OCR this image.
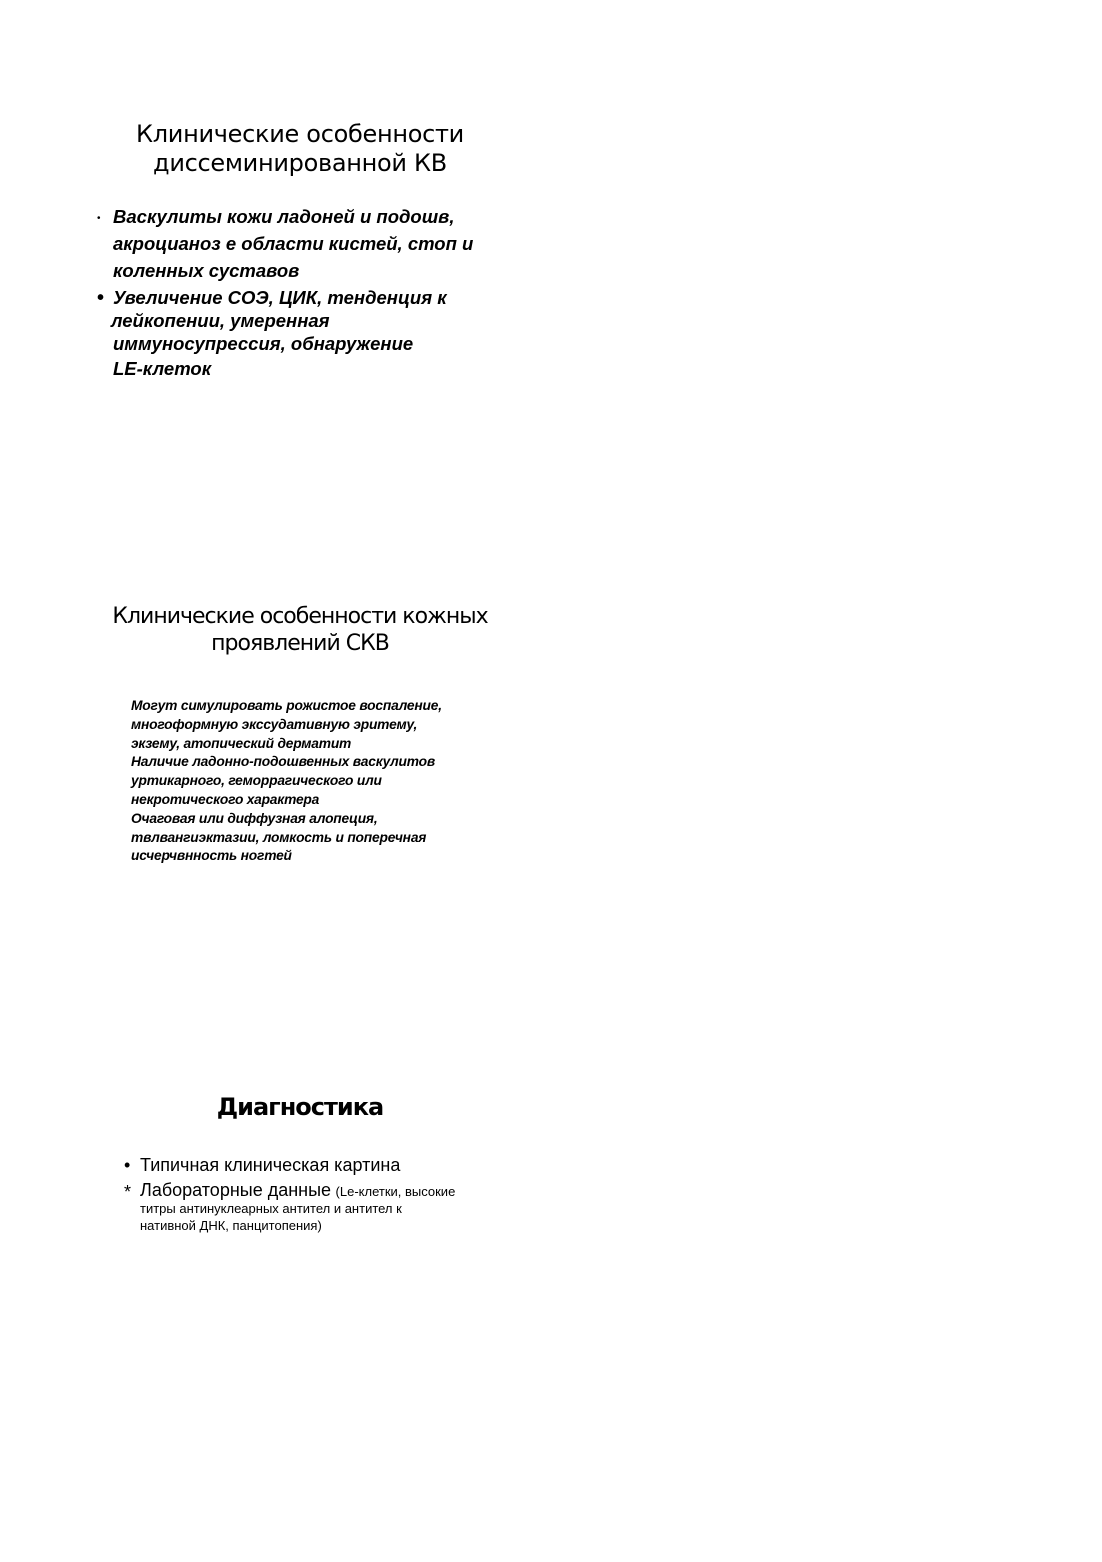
Клинические особенности
диссеминированной КВ
• Васкулиты кожи ладоней и подошв,
акроцианоз е области кистей, стоп и
коленных суставов
• Увеличение СОЭ, ЦИК, тенденция к
лейкопении, умеренная
иммуносупрессия, обнаружение
LE-клеток
Клинические особенности кожных
проявлений СКВ
Могут симулировать рожистое воспаление,
многоформную экссудативную эритему,
экзему, атопический дерматит
Наличие ладонно-подошвенных васкулитов
уртикарного, геморрагического или
некротического характера
Очаговая или диффузная алопеция,
твлвангиэктазии, ломкость и поперечная
исчерчвнность ногтей
Диагностика
• Типичная клиническая картина
* Лабораторные данные (Le-клетки, высокие
титры антинуклеарных антител и антител к
нативной ДНК, панцитопения)
